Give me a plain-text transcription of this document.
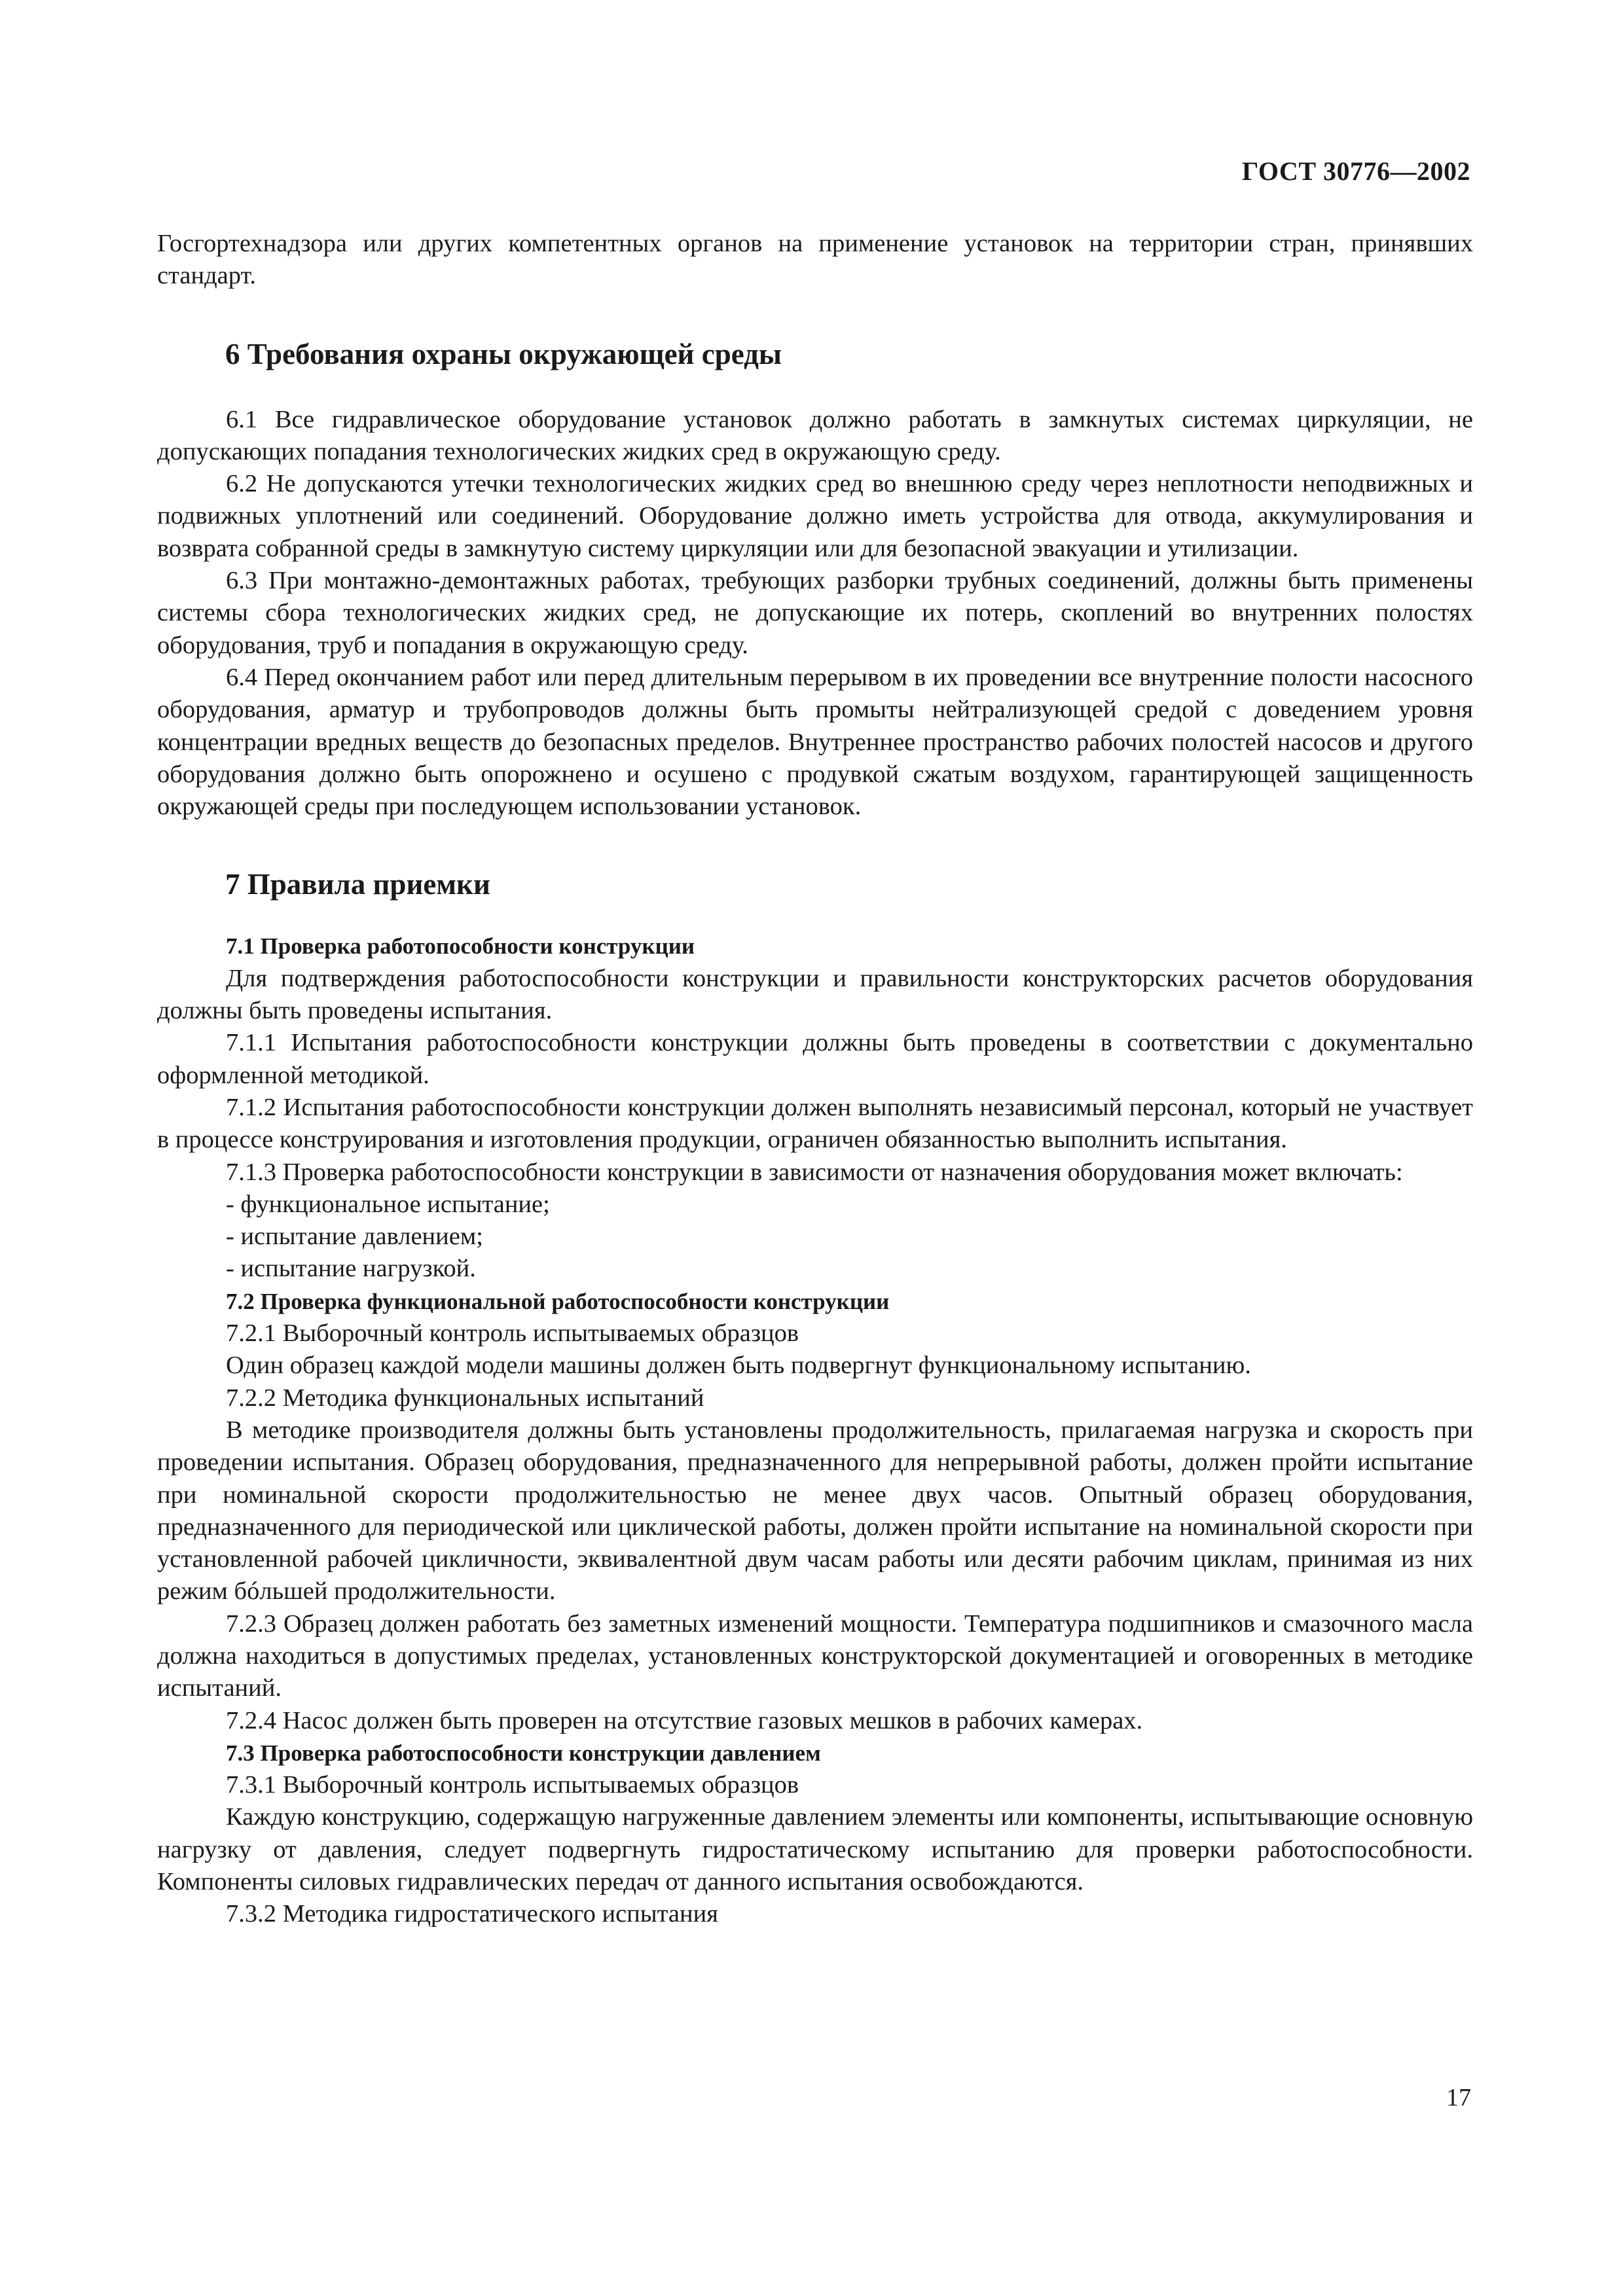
ГОСТ 30776—2002

Госгортехнадзора или других компетентных органов на применение установок на территории стран, принявших стандарт.

6 Требования охраны окружающей среды

6.1 Все гидравлическое оборудование установок должно работать в замкнутых системах циркуляции, не допускающих попадания технологических жидких сред в окружающую среду.

6.2 Не допускаются утечки технологических жидких сред во внешнюю среду через неплотности неподвижных и подвижных уплотнений или соединений. Оборудование должно иметь устройства для отвода, аккумулирования и возврата собранной среды в замкнутую систему циркуляции или для безопасной эвакуации и утилизации.

6.3 При монтажно-демонтажных работах, требующих разборки трубных соединений, должны быть применены системы сбора технологических жидких сред, не допускающие их потерь, скоплений во внутренних полостях оборудования, труб и попадания в окружающую среду.

6.4 Перед окончанием работ или перед длительным перерывом в их проведении все внутренние полости насосного оборудования, арматур и трубопроводов должны быть промыты нейтрализующей средой с доведением уровня концентрации вредных веществ до безопасных пределов. Внутреннее пространство рабочих полостей насосов и другого оборудования должно быть опорожнено и осушено с продувкой сжатым воздухом, гарантирующей защищенность окружающей среды при последующем использовании установок.

7 Правила приемки
7.1 Проверка работопособности конструкции

Для подтверждения работоспособности конструкции и правильности конструкторских расчетов оборудования должны быть проведены испытания.

7.1.1 Испытания работоспособности конструкции должны быть проведены в соответствии с документально оформленной методикой.

7.1.2 Испытания работоспособности конструкции должен выполнять независимый персонал, который не участвует в процессе конструирования и изготовления продукции, ограничен обязанностью выполнить испытания.

7.1.3 Проверка работоспособности конструкции в зависимости от назначения оборудования может включать:

- функциональное испытание;
- испытание давлением;
- испытание нагрузкой.
7.2 Проверка функциональной работоспособности конструкции

7.2.1 Выборочный контроль испытываемых образцов

Один образец каждой модели машины должен быть подвергнут функциональному испытанию.

7.2.2 Методика функциональных испытаний

В методике производителя должны быть установлены продолжительность, прилагаемая нагрузка и скорость при проведении испытания. Образец оборудования, предназначенного для непрерывной работы, должен пройти испытание при номинальной скорости продолжительностью не менее двух часов. Опытный образец оборудования, предназначенного для периодической или циклической работы, должен пройти испытание на номинальной скорости при установленной рабочей цикличности, эквивалентной двум часам работы или десяти рабочим циклам, принимая из них режим бóльшей продолжительности.

7.2.3 Образец должен работать без заметных изменений мощности. Температура подшипников и смазочного масла должна находиться в допустимых пределах, установленных конструкторской документацией и оговоренных в методике испытаний.

7.2.4 Насос должен быть проверен на отсутствие газовых мешков в рабочих камерах.

7.3 Проверка работоспособности конструкции давлением

7.3.1 Выборочный контроль испытываемых образцов

Каждую конструкцию, содержащую нагруженные давлением элементы или компоненты, испытывающие основную нагрузку от давления, следует подвергнуть гидростатическому испытанию для проверки работоспособности. Компоненты силовых гидравлических передач от данного испытания освобождаются.

7.3.2 Методика гидростатического испытания

17
